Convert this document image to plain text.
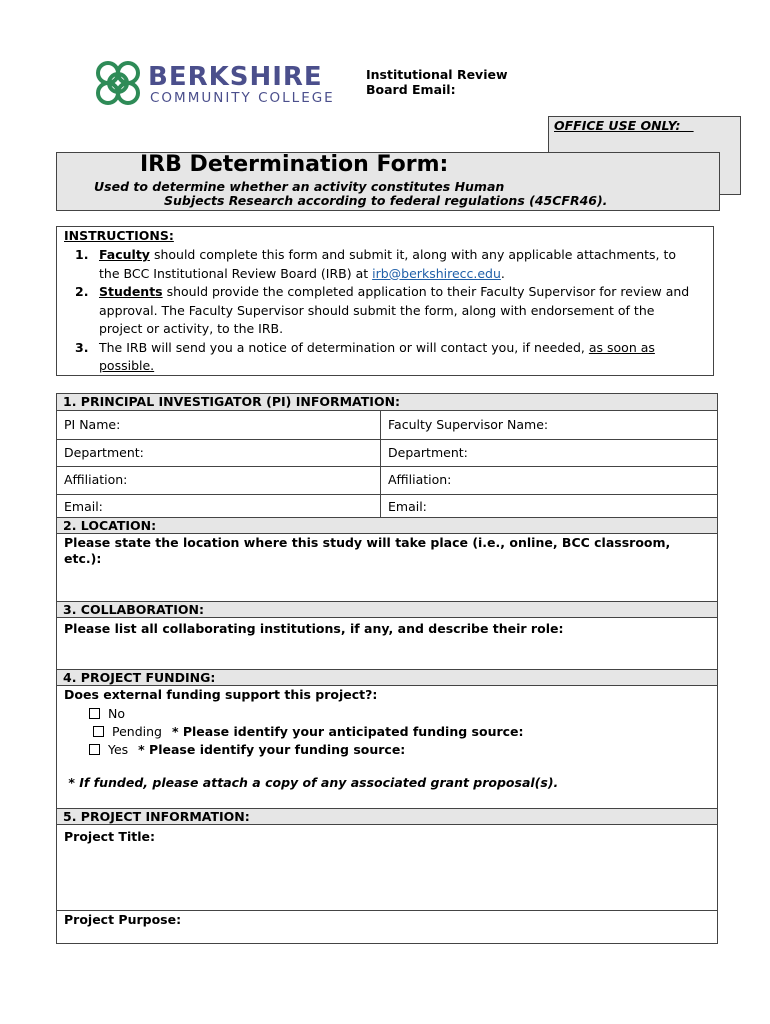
BERKSHIRE
COMMUNITY COLLEGE
Institutional Review Board Email:
OFFICE USE ONLY:
IRB Determination Form:
Used to determine whether an activity constitutes Human
Subjects Research according to federal regulations (45CFR46).
INSTRUCTIONS:
1. Faculty should complete this form and submit it, along with any applicable attachments, to the BCC Institutional Review Board (IRB) at irb@berkshirecc.edu.
2. Students should provide the completed application to their Faculty Supervisor for review and approval. The Faculty Supervisor should submit the form, along with endorsement of the project or activity, to the IRB.
3. The IRB will send you a notice of determination or will contact you, if needed, as soon as possible.
1. PRINCIPAL INVESTIGATOR (PI) INFORMATION:
PI Name:	Faculty Supervisor Name:
Department:	Department:
Affiliation:	Affiliation:
Email:	Email:
2. LOCATION:
Please state the location where this study will take place (i.e., online, BCC classroom, etc.):
3. COLLABORATION:
Please list all collaborating institutions, if any, and describe their role:
4. PROJECT FUNDING:
Does external funding support this project?:
No
Pending * Please identify your anticipated funding source:
Yes * Please identify your funding source:
* If funded, please attach a copy of any associated grant proposal(s).
5. PROJECT INFORMATION:
Project Title:
Project Purpose:
